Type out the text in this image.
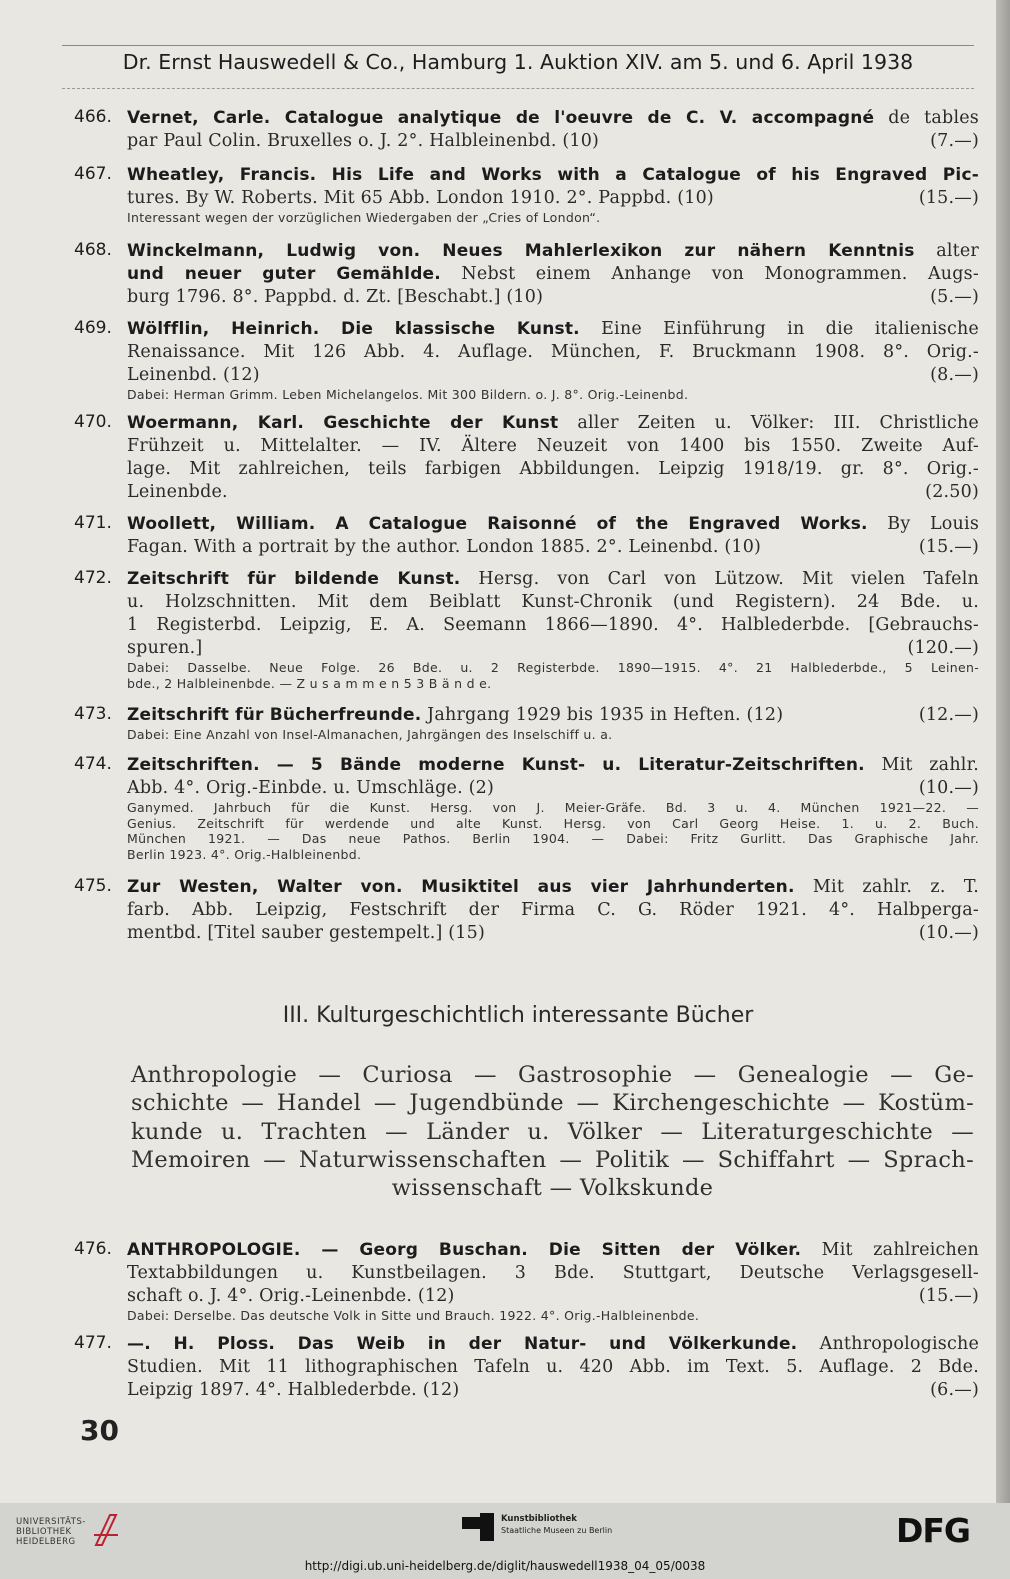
Dr. Ernst Hauswedell & Co., Hamburg 1. Auktion XIV. am 5. und 6. April 1938
466. Vernet, Carle. Catalogue analytique de l'oeuvre de C. V. accompagné de tables
par Paul Colin. Bruxelles o. J. 2°. Halbleinenbd. (10)	(7.—)
467. Wheatley, Francis. His Life and Works with a Catalogue of his Engraved Pic-
tures. By W. Roberts. Mit 65 Abb. London 1910. 2°. Pappbd. (10)	(15.—)
Interessant wegen der vorzüglichen Wiedergaben der „Cries of London“.
468. Winckelmann, Ludwig von. Neues Mahlerlexikon zur nähern Kenntnis alter
und neuer guter Gemählde. Nebst einem Anhange von Monogrammen. Augs-
burg 1796. 8°. Pappbd. d. Zt. [Beschabt.] (10)	(5.—)
469. Wölfflin, Heinrich. Die klassische Kunst. Eine Einführung in die italienische
Renaissance. Mit 126 Abb. 4. Auflage. München, F. Bruckmann 1908. 8°. Orig.-
Leinenbd. (12)	(8.—)
Dabei: Herman Grimm. Leben Michelangelos. Mit 300 Bildern. o. J. 8°. Orig.-Leinenbd.
470. Woermann, Karl. Geschichte der Kunst aller Zeiten u. Völker: III. Christliche
Frühzeit u. Mittelalter. — IV. Ältere Neuzeit von 1400 bis 1550. Zweite Auf-
lage. Mit zahlreichen, teils farbigen Abbildungen. Leipzig 1918/19. gr. 8°. Orig.-
Leinenbde.	(2.50)
471. Woollett, William. A Catalogue Raisonné of the Engraved Works. By Louis
Fagan. With a portrait by the author. London 1885. 2°. Leinenbd. (10)	(15.—)
472. Zeitschrift für bildende Kunst. Hersg. von Carl von Lützow. Mit vielen Tafeln
u. Holzschnitten. Mit dem Beiblatt Kunst-Chronik (und Registern). 24 Bde. u.
1 Registerbd. Leipzig, E. A. Seemann 1866—1890. 4°. Halblederbde. [Gebrauchs-
spuren.]	(120.—)
Dabei: Dasselbe. Neue Folge. 26 Bde. u. 2 Registerbde. 1890—1915. 4°. 21 Halblederbde., 5 Leinen-
bde., 2 Halbleinenbde. — Z u s a m m e n 5 3 B ä n d e.
473. Zeitschrift für Bücherfreunde. Jahrgang 1929 bis 1935 in Heften. (12)	(12.—)
Dabei: Eine Anzahl von Insel-Almanachen, Jahrgängen des Inselschiff u. a.
474. Zeitschriften. — 5 Bände moderne Kunst- u. Literatur-Zeitschriften. Mit zahlr.
Abb. 4°. Orig.-Einbde. u. Umschläge. (2)	(10.—)
Ganymed. Jahrbuch für die Kunst. Hersg. von J. Meier-Gräfe. Bd. 3 u. 4. München 1921—22. —
Genius. Zeitschrift für werdende und alte Kunst. Hersg. von Carl Georg Heise. 1. u. 2. Buch.
München 1921. — Das neue Pathos. Berlin 1904. — Dabei: Fritz Gurlitt. Das Graphische Jahr.
Berlin 1923. 4°. Orig.-Halbleinenbd.
475. Zur Westen, Walter von. Musiktitel aus vier Jahrhunderten. Mit zahlr. z. T.
farb. Abb. Leipzig, Festschrift der Firma C. G. Röder 1921. 4°. Halbperga-
mentbd. [Titel sauber gestempelt.] (15)	(10.—)
III. Kulturgeschichtlich interessante Bücher
Anthropologie — Curiosa — Gastrosophie — Genealogie — Ge-
schichte — Handel — Jugendbünde — Kirchengeschichte — Kostüm-
kunde u. Trachten — Länder u. Völker — Literaturgeschichte —
Memoiren — Naturwissenschaften — Politik — Schiffahrt — Sprach-
wissenschaft — Volkskunde
476. ANTHROPOLOGIE. — Georg Buschan. Die Sitten der Völker. Mit zahlreichen
Textabbildungen u. Kunstbeilagen. 3 Bde. Stuttgart, Deutsche Verlagsgesell-
schaft o. J. 4°. Orig.-Leinenbde. (12)	(15.—)
Dabei: Derselbe. Das deutsche Volk in Sitte und Brauch. 1922. 4°. Orig.-Halbleinenbde.
477. —. H. Ploss. Das Weib in der Natur- und Völkerkunde. Anthropologische
Studien. Mit 11 lithographischen Tafeln u. 420 Abb. im Text. 5. Auflage. 2 Bde.
Leipzig 1897. 4°. Halblederbde. (12)	(6.—)
30
UNIVERSITÄTS-
BIBLIOTHEK
HEIDELBERG
Kunstbibliothek
Staatliche Museen zu Berlin	DFG
http://digi.ub.uni-heidelberg.de/diglit/hauswedell1938_04_05/0038
